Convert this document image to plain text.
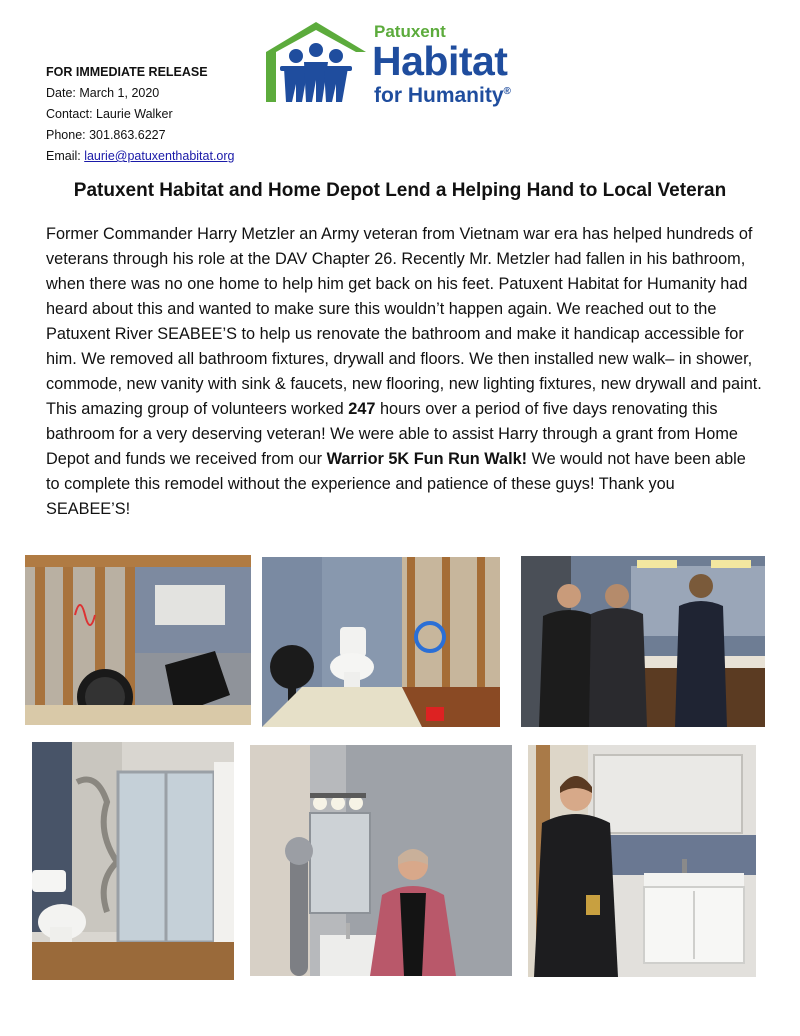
FOR IMMEDIATE RELEASE
Date: March 1, 2020
Contact: Laurie Walker
Phone: 301.863.6227
Email: laurie@patuxenthabitat.org
Patuxent
Habitat
for Humanity®
Patuxent Habitat and Home Depot Lend a Helping Hand to Local Veteran
Former Commander Harry Metzler an Army veteran from Vietnam war era has helped hundreds of veterans through his role at the DAV Chapter 26. Recently Mr. Metzler had fallen in his bathroom, when there was no one home to help him get back on his feet. Patuxent Habitat for Humanity had heard about this and wanted to make sure this wouldn’t happen again. We reached out to the Patuxent River SEABEE’S to help us renovate the bathroom and make it handicap accessible for him. We removed all bathroom fixtures, drywall and floors. We then installed new walk– in shower, commode, new vanity with sink & faucets, new flooring, new lighting fixtures, new drywall and paint. This amazing group of volunteers worked 247 hours over a period of five days renovating this bathroom for a very deserving veteran! We were able to assist Harry through a grant from Home Depot and funds we received from our Warrior 5K Fun Run Walk! We would not have been able to complete this remodel without the experience and patience of these guys! Thank you SEABEE’S!
